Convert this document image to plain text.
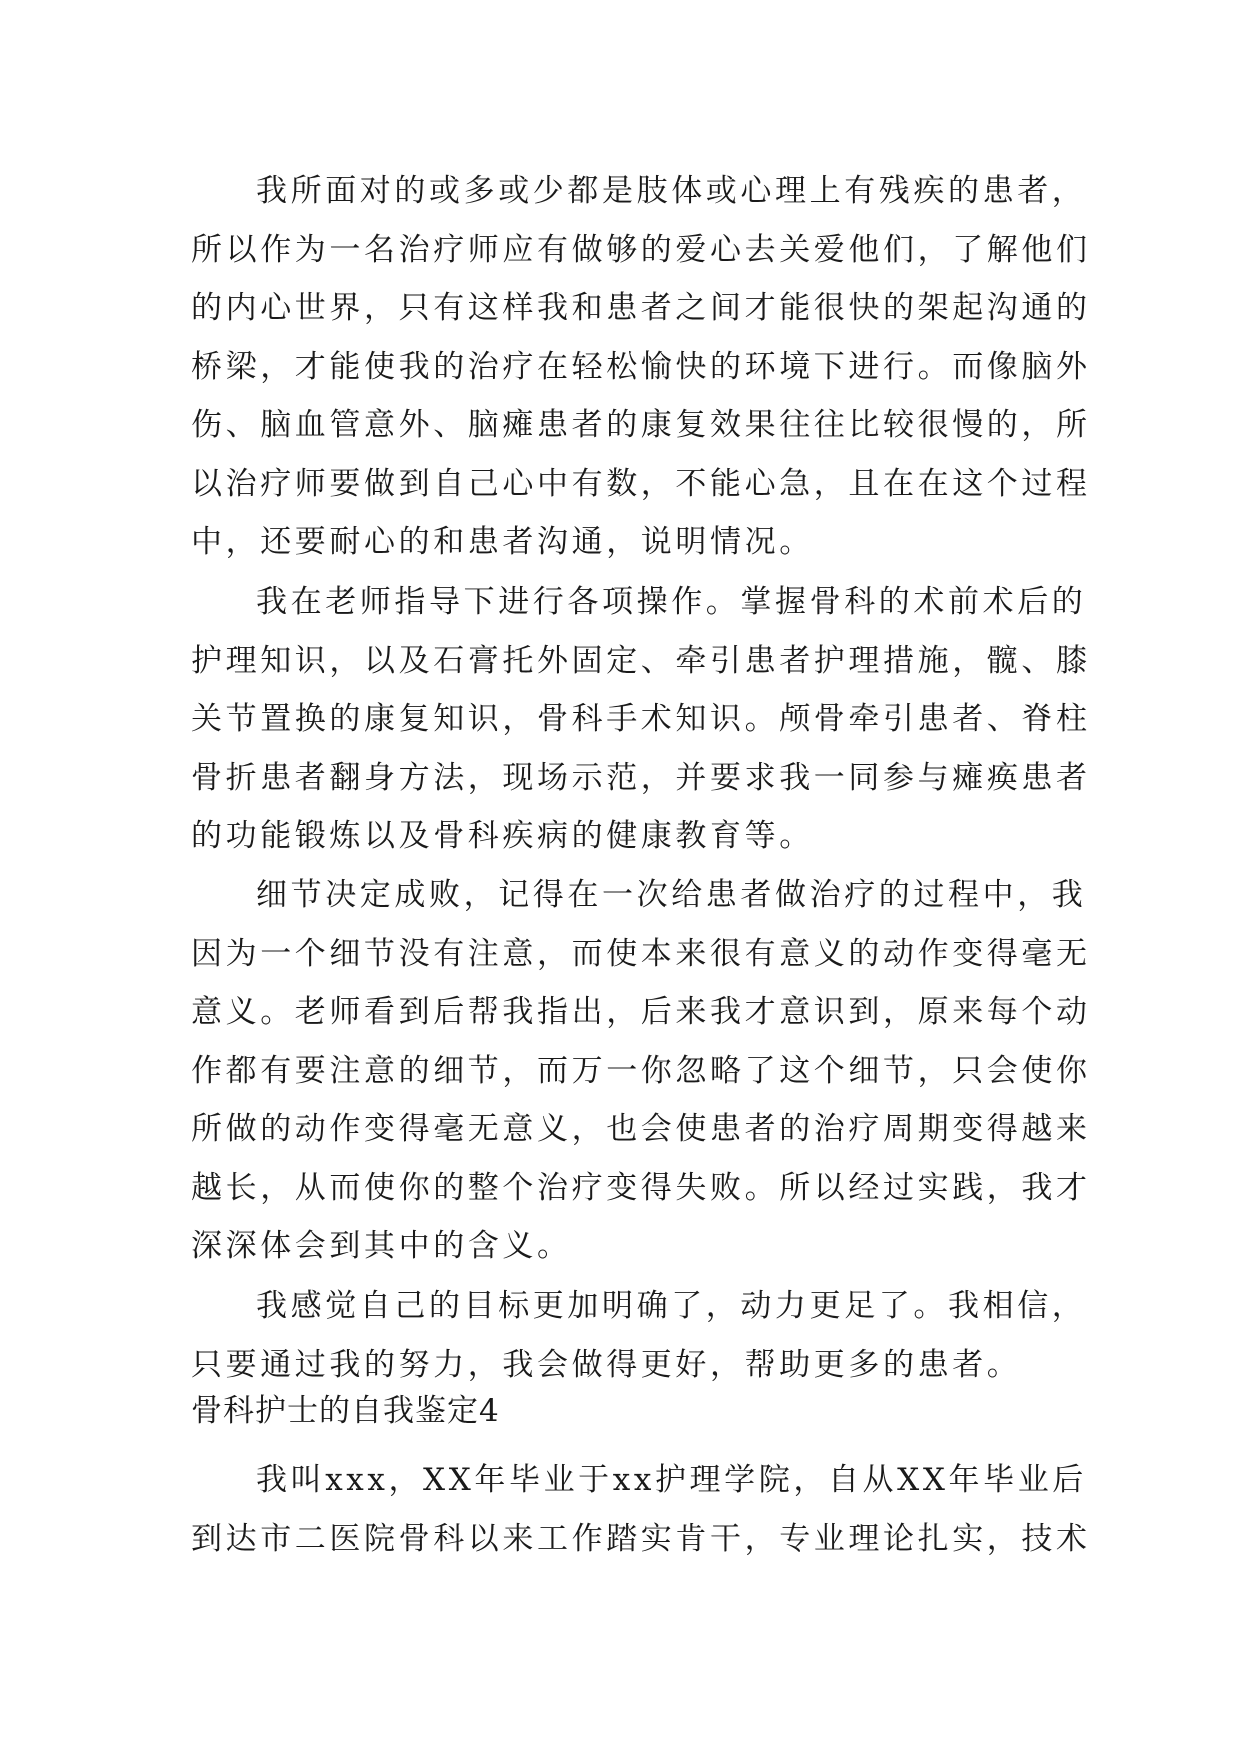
我所面对的或多或少都是肢体或心理上有残疾的患者，
所以作为一名治疗师应有做够的爱心去关爱他们，了解他们
的内心世界，只有这样我和患者之间才能很快的架起沟通的
桥梁，才能使我的治疗在轻松愉快的环境下进行。而像脑外
伤、脑血管意外、脑瘫患者的康复效果往往比较很慢的，所
以治疗师要做到自己心中有数，不能心急，且在在这个过程
中，还要耐心的和患者沟通，说明情况。
我在老师指导下进行各项操作。掌握骨科的术前术后的
护理知识，以及石膏托外固定、牵引患者护理措施，髋、膝
关节置换的康复知识，骨科手术知识。颅骨牵引患者、脊柱
骨折患者翻身方法，现场示范，并要求我一同参与瘫痪患者
的功能锻炼以及骨科疾病的健康教育等。
细节决定成败，记得在一次给患者做治疗的过程中，我
因为一个细节没有注意，而使本来很有意义的动作变得毫无
意义。老师看到后帮我指出，后来我才意识到，原来每个动
作都有要注意的细节，而万一你忽略了这个细节，只会使你
所做的动作变得毫无意义，也会使患者的治疗周期变得越来
越长，从而使你的整个治疗变得失败。所以经过实践，我才
深深体会到其中的含义。
我感觉自己的目标更加明确了，动力更足了。我相信，
只要通过我的努力，我会做得更好，帮助更多的患者。
骨科护士的自我鉴定4
我叫xxx，XX年毕业于xx护理学院，自从XX年毕业后
到达市二医院骨科以来工作踏实肯干，专业理论扎实，技术
